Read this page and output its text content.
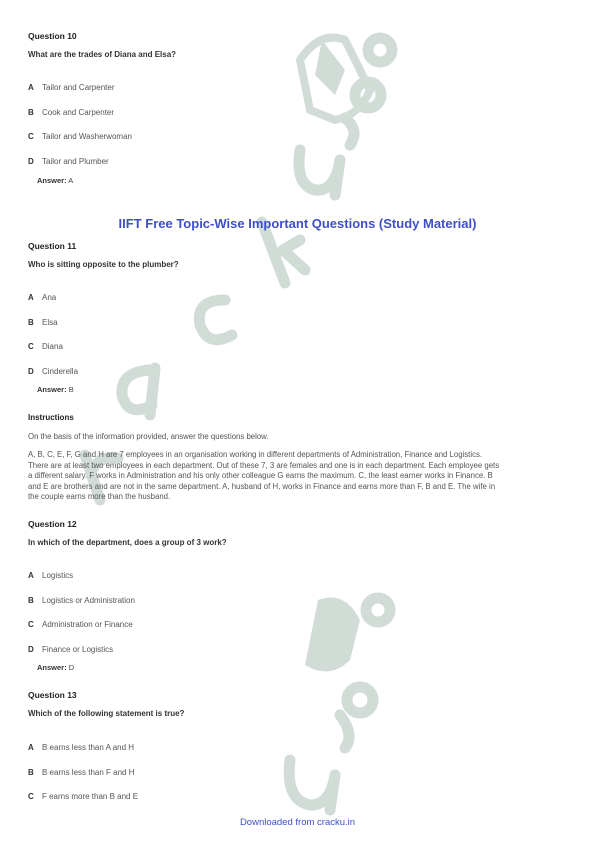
Question 10
What are the trades of Diana and Elsa?
A Tailor and Carpenter
B Cook and Carpenter
C Tailor and Washerwoman
D Tailor and Plumber
Answer: A
IIFT Free Topic-Wise Important Questions (Study Material)
Question 11
Who is sitting opposite to the plumber?
A Ana
B Elsa
C Diana
D Cinderella
Answer: B
Instructions
On the basis of the information provided, answer the questions below.
A, B, C, E, F, G and H are 7 employees in an organisation working in different departments of Administration, Finance and Logistics.
There are at least two employees in each department. Out of these 7, 3 are females and one is in each department. Each employee gets
a different salary. F works in Administration and his only other colleague G earns the maximum. C, the least earner works in Finance. B
and E are brothers and are not in the same department. A, husband of H, works in Finance and earns more than F, B and E. The wife in
the couple earns more than the husband.
Question 12
In which of the department, does a group of 3 work?
A Logistics
B Logistics or Administration
C Administration or Finance
D Finance or Logistics
Answer: D
Question 13
Which of the following statement is true?
A B earns less than A and H
B B earns less than F and H
C F earns more than B and E
Downloaded from cracku.in
